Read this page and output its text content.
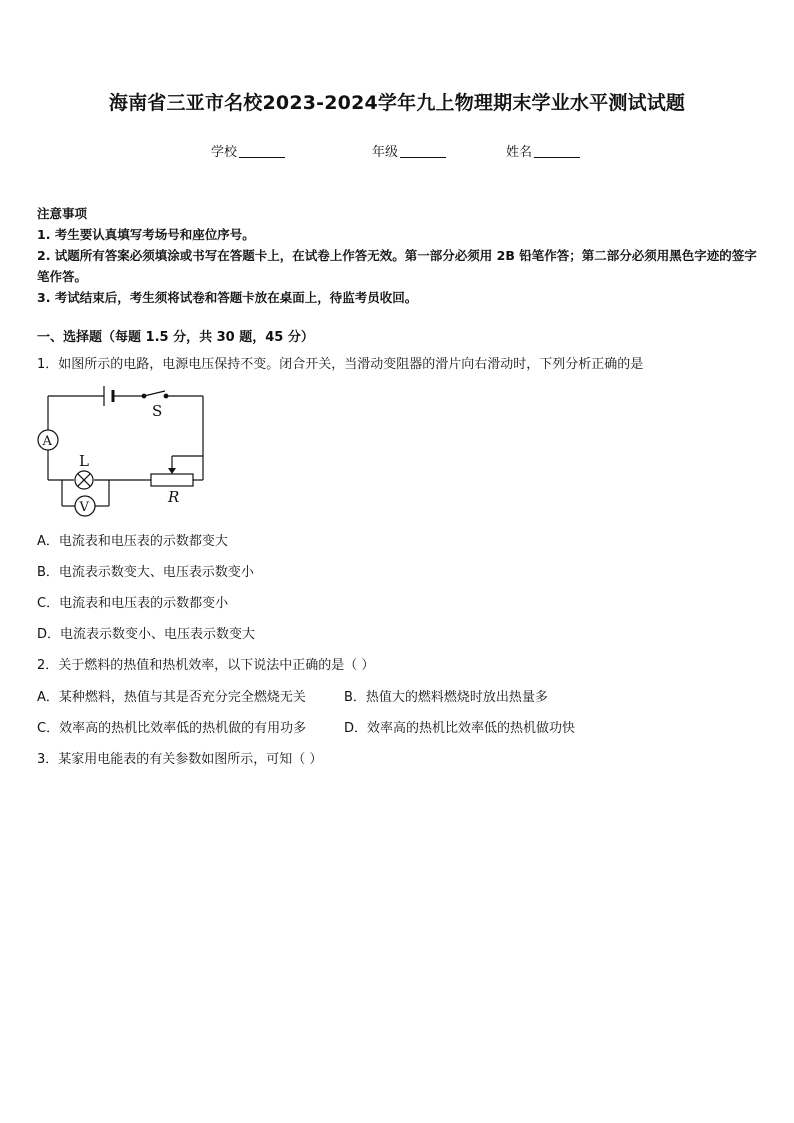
海南省三亚市名校2023-2024学年九上物理期末学业水平测试试题
学校	年级	姓名
注意事项
1. 考生要认真填写考场号和座位序号。
2. 试题所有答案必须填涂或书写在答题卡上，在试卷上作答无效。第一部分必须用 2B 铅笔作答；第二部分必须用黑色字迹的签字笔作答。
3. 考试结束后，考生须将试卷和答题卡放在桌面上，待监考员收回。
一、选择题（每题 1.5 分，共 30 题，45 分）
1．如图所示的电路，电源电压保持不变。闭合开关，当滑动变阻器的滑片向右滑动时，下列分析正确的是
S
A
L
V
R
A．电流表和电压表的示数都变大
B．电流表示数变大、电压表示数变小
C．电流表和电压表的示数都变小
D．电流表示数变小、电压表示数变大
2．关于燃料的热值和热机效率，以下说法中正确的是（ ）
A．某种燃料，热值与其是否充分完全燃烧无关	B．热值大的燃料燃烧时放出热量多
C．效率高的热机比效率低的热机做的有用功多	D．效率高的热机比效率低的热机做功快
3．某家用电能表的有关参数如图所示，可知（ ）
